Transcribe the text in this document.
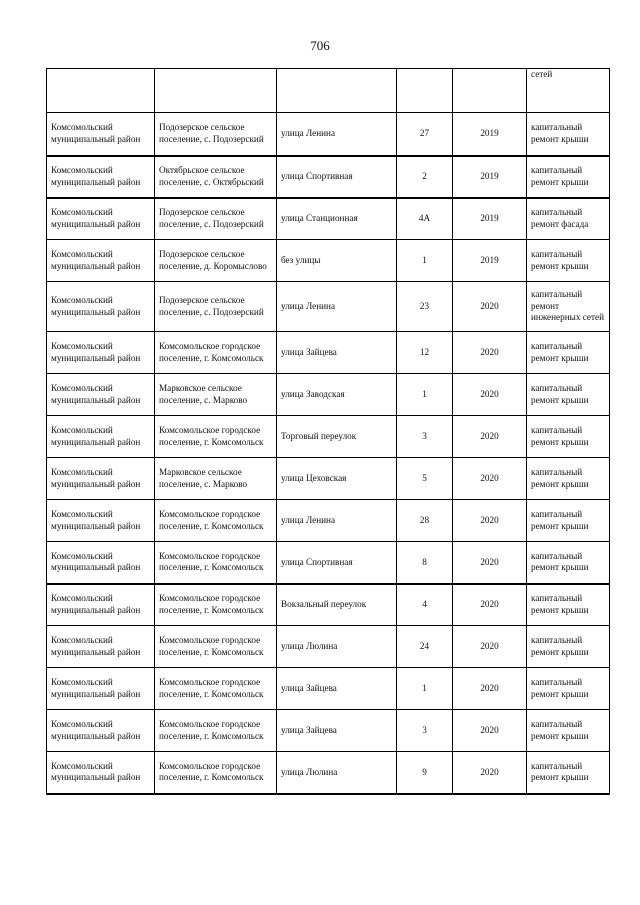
706
					сетей
Комсомольский муниципальный район	Подозерское сельское поселение, с. Подозерский	улица Ленина	27	2019	капитальный ремонт крыши
Комсомольский муниципальный район	Октябрьское сельское поселение, с. Октябрьский	улица Спортивная	2	2019	капитальный ремонт крыши
Комсомольский муниципальный район	Подозерское сельское поселение, с. Подозерский	улица Станционная	4А	2019	капитальный ремонт фасада
Комсомольский муниципальный район	Подозерское сельское поселение, д. Коромыслово	без улицы	1	2019	капитальный ремонт крыши
Комсомольский муниципальный район	Подозерское сельское поселение, с. Подозерский	улица Ленина	23	2020	капитальный ремонт инженерных сетей
Комсомольский муниципальный район	Комсомольское городское поселение, г. Комсомольск	улица Зайцева	12	2020	капитальный ремонт крыши
Комсомольский муниципальный район	Марковское сельское поселение, с. Марково	улица Заводская	1	2020	капитальный ремонт крыши
Комсомольский муниципальный район	Комсомольское городское поселение, г. Комсомольск	Торговый переулок	3	2020	капитальный ремонт крыши
Комсомольский муниципальный район	Марковское сельское поселение, с. Марково	улица Цеховская	5	2020	капитальный ремонт крыши
Комсомольский муниципальный район	Комсомольское городское поселение, г. Комсомольск	улица Ленина	28	2020	капитальный ремонт крыши
Комсомольский муниципальный район	Комсомольское городское поселение, г. Комсомольск	улица Спортивная	8	2020	капитальный ремонт крыши
Комсомольский муниципальный район	Комсомольское городское поселение, г. Комсомольск	Вокзальный переулок	4	2020	капитальный ремонт крыши
Комсомольский муниципальный район	Комсомольское городское поселение, г. Комсомольск	улица Люлина	24	2020	капитальный ремонт крыши
Комсомольский муниципальный район	Комсомольское городское поселение, г. Комсомольск	улица Зайцева	1	2020	капитальный ремонт крыши
Комсомольский муниципальный район	Комсомольское городское поселение, г. Комсомольск	улица Зайцева	3	2020	капитальный ремонт крыши
Комсомольский муниципальный район	Комсомольское городское поселение, г. Комсомольск	улица Люлина	9	2020	капитальный ремонт крыши
